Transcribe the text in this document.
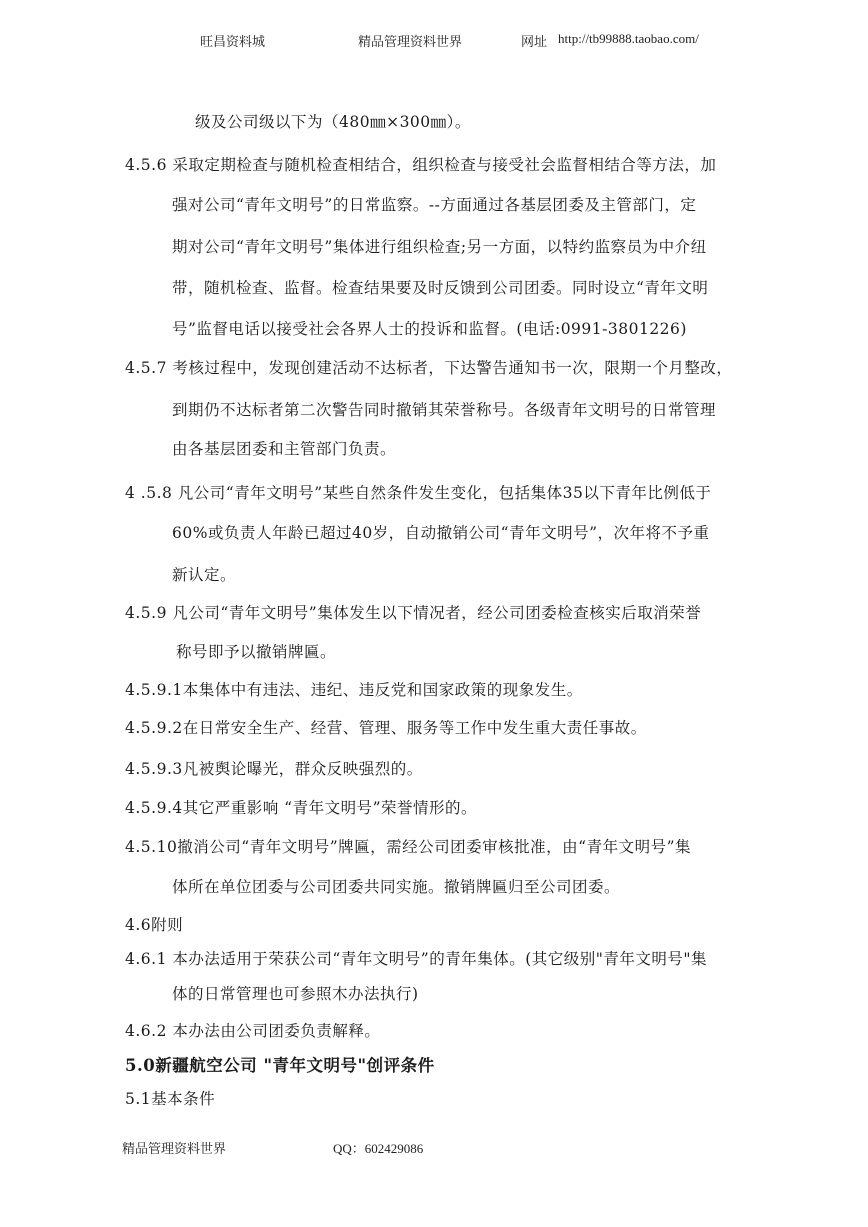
旺昌资料城	精品管理资料世界	网址 http://tb99888.taobao.com/
级及公司级以下为（480㎜×300㎜）。
4.5.6 采取定期检查与随机检查相结合，组织检查与接受社会监督相结合等方法，加
强对公司“青年文明号”的日常监察。--方面通过各基层团委及主管部门，定
期对公司“青年文明号”集体进行组织检查;另一方面，以特约监察员为中介纽
带，随机检查、监督。检查结果要及时反馈到公司团委。同时设立“青年文明
号”监督电话以接受社会各界人士的投诉和监督。(电话:0991-3801226)
4.5.7 考核过程中，发现创建活动不达标者，下达警告通知书一次，限期一个月整改，
到期仍不达标者第二次警告同时撤销其荣誉称号。各级青年文明号的日常管理
由各基层团委和主管部门负责。
4 .5.8 凡公司“青年文明号”某些自然条件发生变化，包括集体35以下青年比例低于
60%或负责人年龄已超过40岁，自动撤销公司“青年文明号”，次年将不予重
新认定。
4.5.9 凡公司“青年文明号”集体发生以下情况者，经公司团委检查核实后取消荣誉
称号即予以撤销牌匾。
4.5.9.1本集体中有违法、违纪、违反党和国家政策的现象发生。
4.5.9.2在日常安全生产、经营、管理、服务等工作中发生重大责任事故。
4.5.9.3凡被舆论曝光，群众反映强烈的。
4.5.9.4其它严重影响 “青年文明号”荣誉情形的。
4.5.10撤消公司“青年文明号”牌匾，需经公司团委审核批准，由“青年文明号”集
体所在单位团委与公司团委共同实施。撤销牌匾归至公司团委。
4.6附则
4.6.1 本办法适用于荣获公司“青年文明号”的青年集体。(其它级别"青年文明号"集
体的日常管理也可参照木办法执行)
4.6.2 本办法由公司团委负责解释。
5.0新疆航空公司 "青年文明号"创评条件
5.1基本条件
精品管理资料世界	QQ：602429086
